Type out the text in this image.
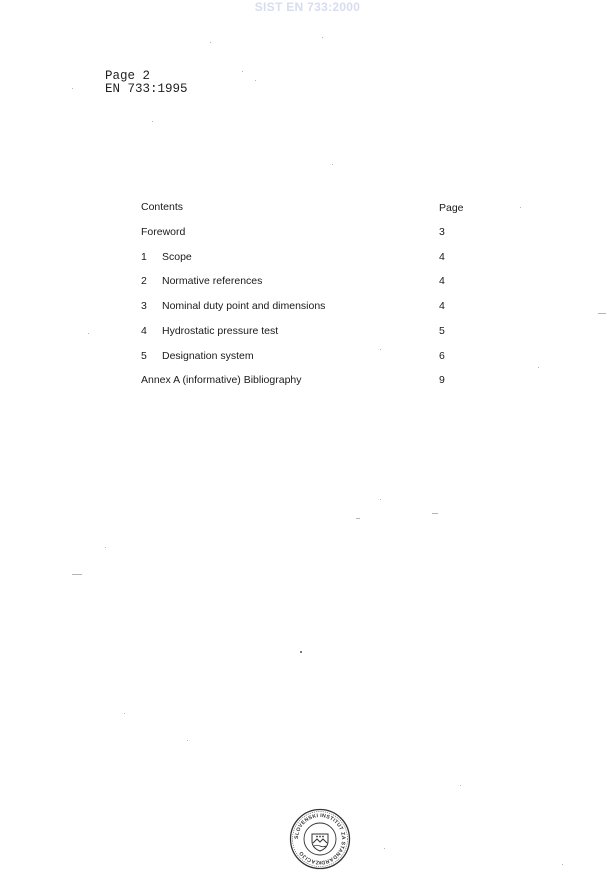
SIST EN 733:2000
Page 2
EN 733:1995
Contents	Page
Foreword	3
1 Scope	4
2 Normative references	4
3 Nominal duty point and dimensions	4
4 Hydrostatic pressure test	5
5 Designation system	6
Annex A (informative) Bibliography	9
SLOVENSKI INSTITUT ZA STANDARDIZACIJO
